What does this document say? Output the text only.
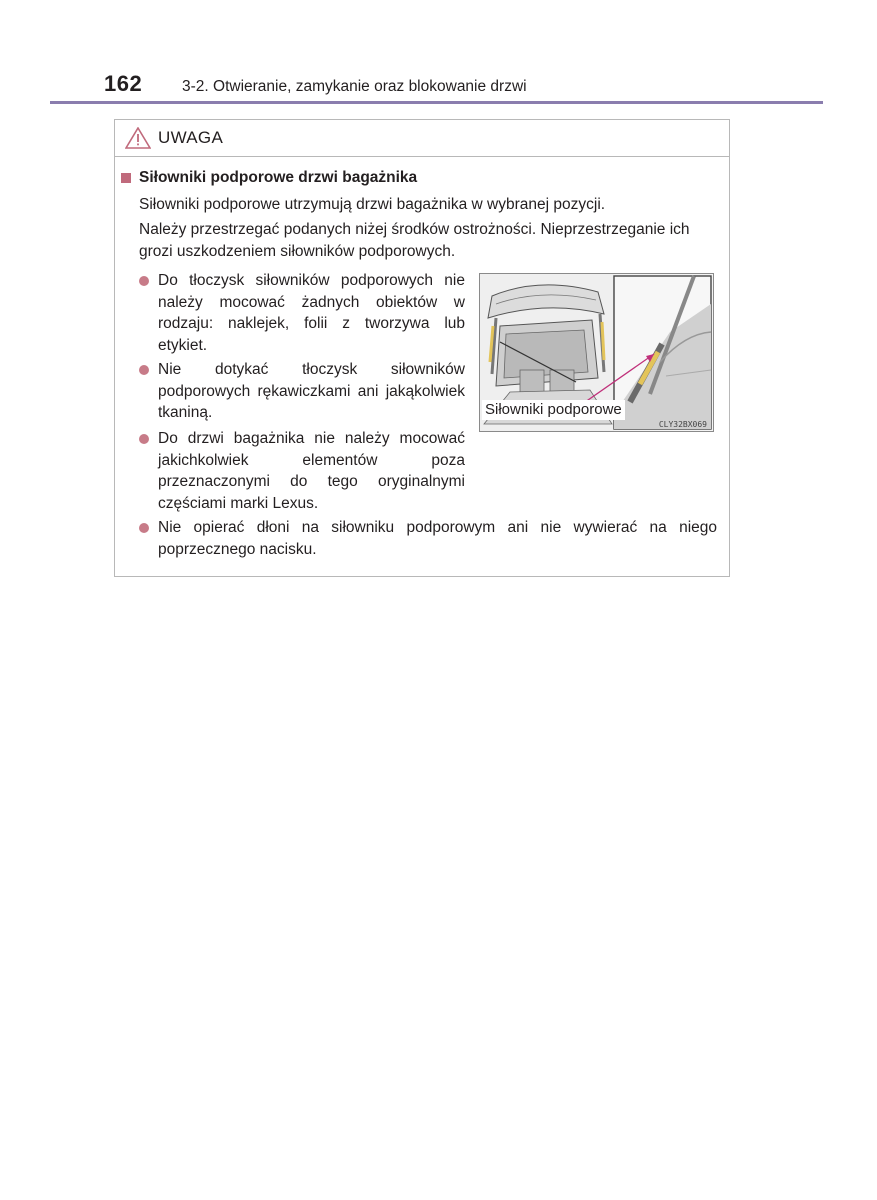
162	3-2. Otwieranie, zamykanie oraz blokowanie drzwi
UWAGA
Siłowniki podporowe drzwi bagażnika
Siłowniki podporowe utrzymują drzwi bagażnika w wybranej pozycji.
Należy przestrzegać podanych niżej środków ostrożności. Nieprzestrzeganie ich grozi uszkodzeniem siłowników podporowych.
Do tłoczysk siłowników podporowych nie należy mocować żadnych obiektów w rodzaju: naklejek, folii z tworzywa lub etykiet.
Nie dotykać tłoczysk siłowników podporowych rękawiczkami ani jakąkolwiek tkaniną.
Do drzwi bagażnika nie należy mocować jakichkolwiek elementów poza przeznaczonymi do tego oryginalnymi częściami marki Lexus.
Nie opierać dłoni na siłowniku podporowym ani nie wywierać na niego poprzecznego nacisku.
Siłowniki podporowe
CLY32BX069
